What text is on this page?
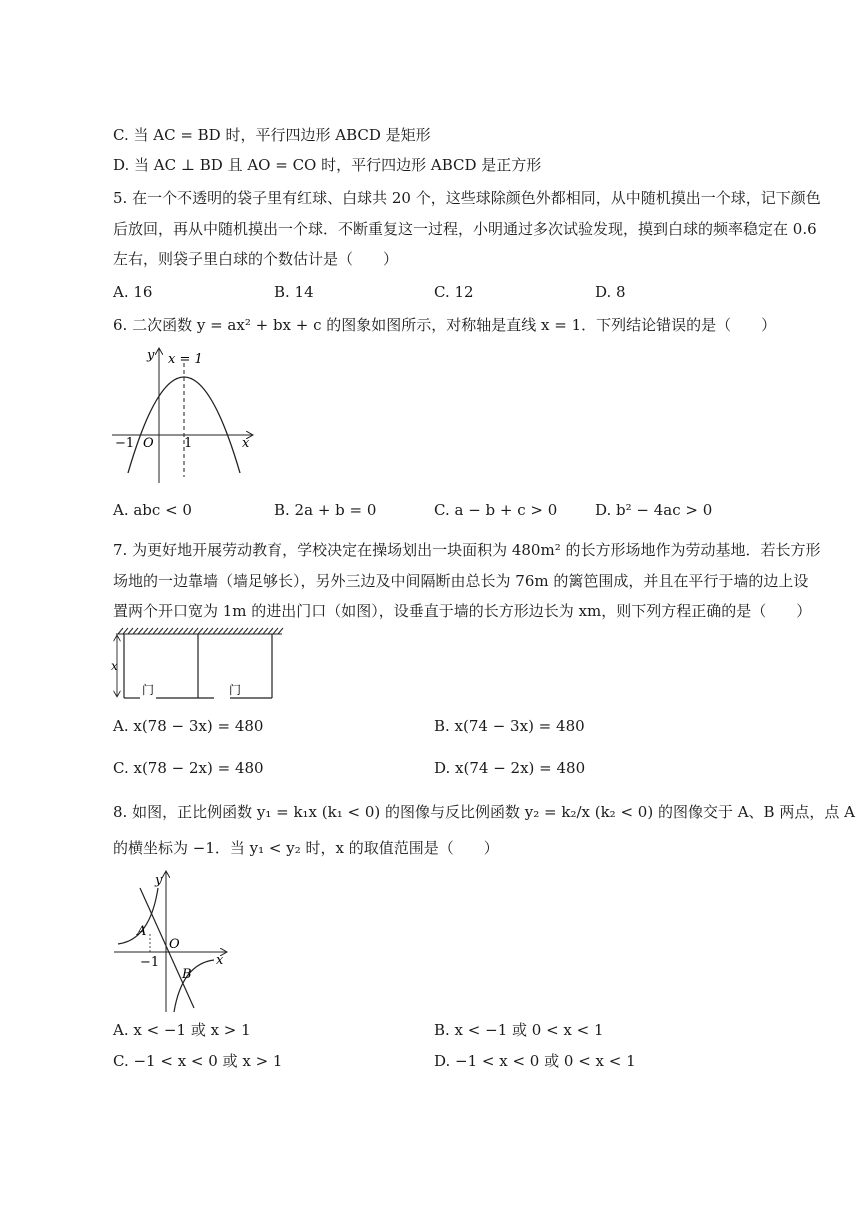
C. 当 AC = BD 时，平行四边形 ABCD 是矩形
D. 当 AC ⊥ BD 且 AO = CO 时，平行四边形 ABCD 是正方形
5. 在一个不透明的袋子里有红球、白球共 20 个，这些球除颜色外都相同，从中随机摸出一个球，记下颜色
后放回，再从中随机摸出一个球．不断重复这一过程，小明通过多次试验发现，摸到白球的频率稳定在 0.6
左右，则袋子里白球的个数估计是（　　）
A. 16	B. 14	C. 12	D. 8
6. 二次函数 y = ax² + bx + c 的图象如图所示，对称轴是直线 x = 1．下列结论错误的是（　　）
y x = 1
−1 O 1	x
A. abc < 0	B. 2a + b = 0	C. a − b + c > 0	D. b² − 4ac > 0
7. 为更好地开展劳动教育，学校决定在操场划出一块面积为 480m² 的长方形场地作为劳动基地．若长方形
场地的一边靠墙（墙足够长），另外三边及中间隔断由总长为 76m 的篱笆围成，并且在平行于墙的边上设
置两个开口宽为 1m 的进出门口（如图），设垂直于墙的长方形边长为 xm，则下列方程正确的是（　　）
x
门	门
A. x(78 − 3x) = 480	B. x(74 − 3x) = 480
C. x(78 − 2x) = 480	D. x(74 − 2x) = 480
8. 如图，正比例函数 y₁ = k₁x (k₁ < 0) 的图像与反比例函数 y₂ = k₂/x (k₂ < 0) 的图像交于 A、B 两点，点 A
的横坐标为 −1．当 y₁ < y₂ 时，x 的取值范围是（　　）
y
A
O
−1	x
B
A. x < −1 或 x > 1	B. x < −1 或 0 < x < 1
C. −1 < x < 0 或 x > 1	D. −1 < x < 0 或 0 < x < 1
